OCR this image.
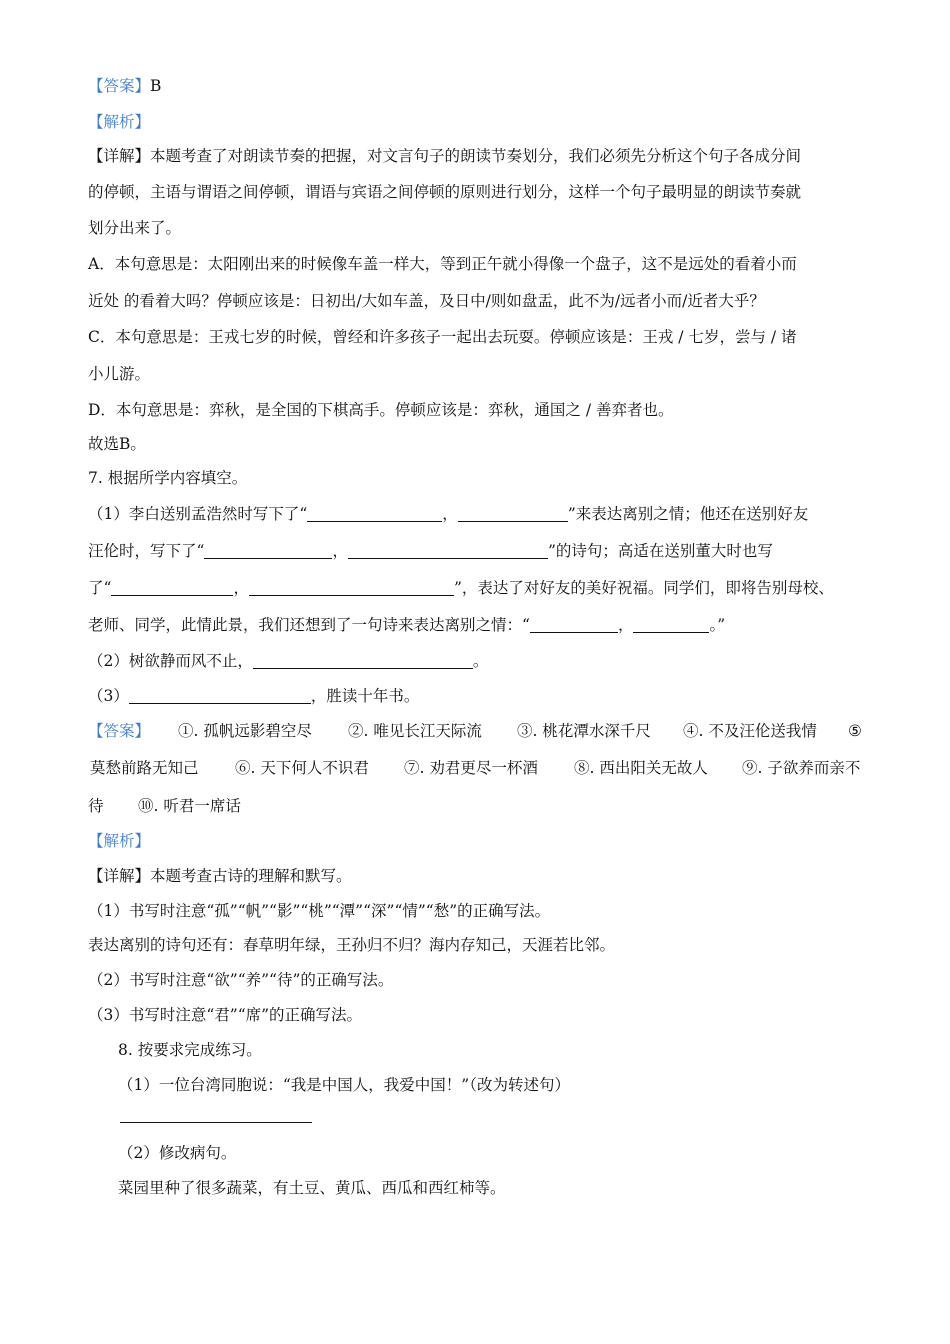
【答案】B
【解析】
【详解】本题考查了对朗读节奏的把握，对文言句子的朗读节奏划分，我们必须先分析这个句子各成分间
的停顿，主语与谓语之间停顿，谓语与宾语之间停顿的原则进行划分，这样一个句子最明显的朗读节奏就
划分出来了。
A．本句意思是：太阳刚出来的时候像车盖一样大，等到正午就小得像一个盘子，这不是远处的看着小而
近处 的看着大吗？停顿应该是：日初出/大如车盖，及日中/则如盘盂，此不为/远者小而/近者大乎？
C．本句意思是：王戎七岁的时候，曾经和许多孩子一起出去玩耍。停顿应该是：王戎 / 七岁，尝与 / 诸
小儿游。
D．本句意思是：弈秋，是全国的下棋高手。停顿应该是：弈秋，通国之 / 善弈者也。
故选B。
7. 根据所学内容填空。
（1）李白送别孟浩然时写下了“	，	”来表达离别之情；他还在送别好友
汪伦时，写下了“	，	”的诗句；高适在送别董大时也写
了“	，	”，表达了对好友的美好祝福。同学们，即将告别母校、
老师、同学，此情此景，我们还想到了一句诗来表达离别之情：“	，	。”
（2）树欲静而风不止，	。
（3）	，胜读十年书。
【答案】 ①. 孤帆远影碧空尽 ②. 唯见长江天际流 ③. 桃花潭水深千尺 ④. 不及汪伦送我情 ⑤
莫愁前路无知己 ⑥. 天下何人不识君 ⑦. 劝君更尽一杯酒 ⑧. 西出阳关无故人 ⑨. 子欲养而亲不
待 ⑩. 听君一席话
【解析】
【详解】本题考查古诗的理解和默写。
（1）书写时注意“孤”“帆”“影”“桃”“潭”“深”“情”“愁”的正确写法。
表达离别的诗句还有：春草明年绿，王孙归不归？海内存知己，天涯若比邻。
（2）书写时注意“欲”“养”“待”的正确写法。
（3）书写时注意“君”“席”的正确写法。
8. 按要求完成练习。
（1）一位台湾同胞说：“我是中国人，我爱中国！”（改为转述句）
（2）修改病句。
菜园里种了很多蔬菜，有土豆、黄瓜、西瓜和西红柿等。
